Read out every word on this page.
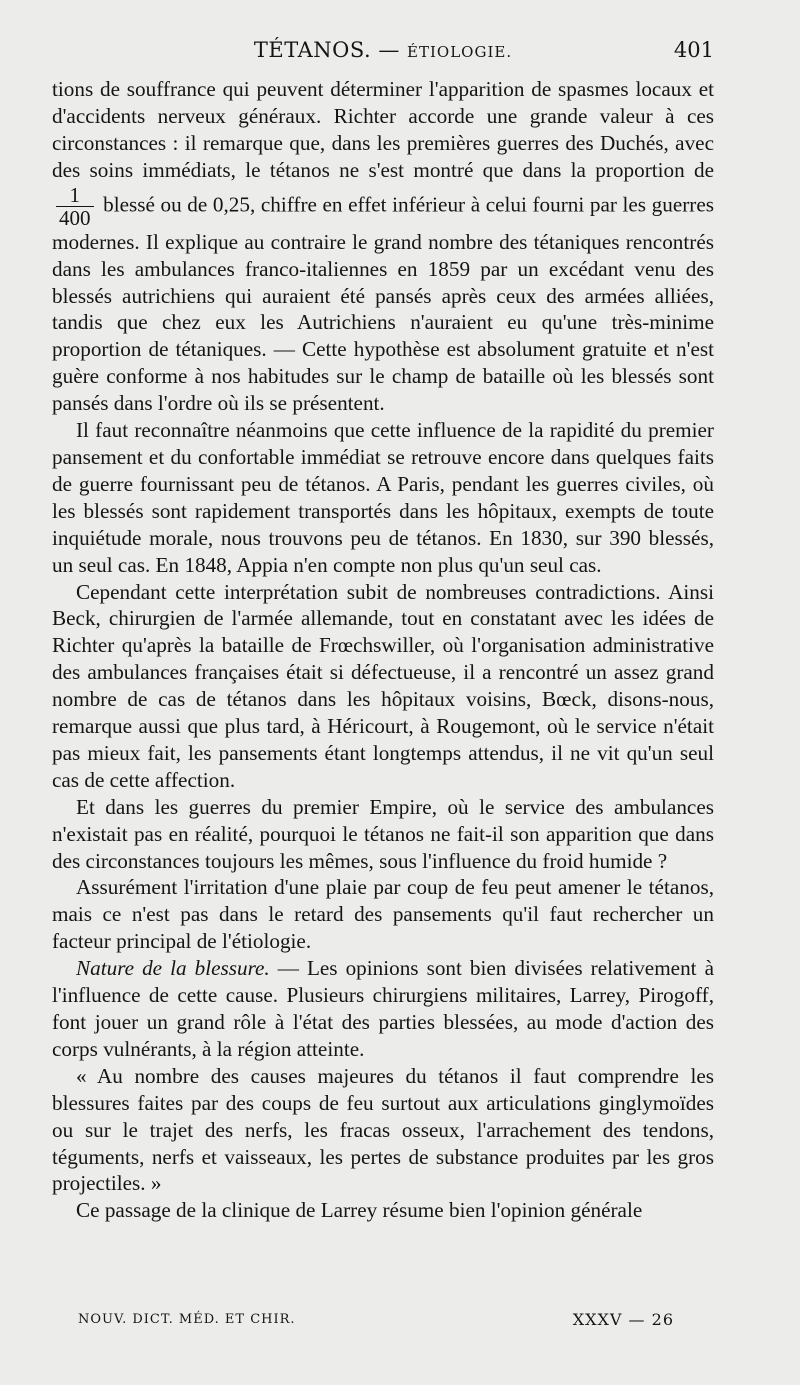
TÉTANOS. — ÉTIOLOGIE.	401

tions de souffrance qui peuvent déterminer l'apparition de spasmes locaux et d'accidents nerveux généraux. Richter accorde une grande valeur à ces circonstances : il remarque que, dans les premières guerres des Duchés, avec des soins immédiats, le tétanos ne s'est montré que dans la proportion de
$\frac{1}{400}$ blessé ou de 0,25, chiffre en effet inférieur à celui fourni par les guerres modernes. Il explique au contraire le grand nombre des tétaniques rencontrés dans les ambulances franco-italiennes en 1859 par un excédant venu des blessés autrichiens qui auraient été pansés après ceux des armées alliées, tandis que chez eux les Autrichiens n'auraient eu qu'une très-minime proportion de tétaniques. — Cette hypothèse est absolument gratuite et n'est guère conforme à nos habitudes sur le champ de bataille où les blessés sont pansés dans l'ordre où ils se présentent.

Il faut reconnaître néanmoins que cette influence de la rapidité du premier pansement et du confortable immédiat se retrouve encore dans quelques faits de guerre fournissant peu de tétanos. A Paris, pendant les guerres civiles, où les blessés sont rapidement transportés dans les hôpitaux, exempts de toute inquiétude morale, nous trouvons peu de tétanos. En 1830, sur 390 blessés, un seul cas. En 1848, Appia n'en compte non plus qu'un seul cas.

Cependant cette interprétation subit de nombreuses contradictions. Ainsi Beck, chirurgien de l'armée allemande, tout en constatant avec les idées de Richter qu'après la bataille de Frœchswiller, où l'organisation administrative des ambulances françaises était si défectueuse, il a rencontré un assez grand nombre de cas de tétanos dans les hôpitaux voisins, Bœck, disons-nous, remarque aussi que plus tard, à Héricourt, à Rougemont, où le service n'était pas mieux fait, les pansements étant longtemps attendus, il ne vit qu'un seul cas de cette affection.

Et dans les guerres du premier Empire, où le service des ambulances n'existait pas en réalité, pourquoi le tétanos ne fait-il son apparition que dans des circonstances toujours les mêmes, sous l'influence du froid humide ?

Assurément l'irritation d'une plaie par coup de feu peut amener le tétanos, mais ce n'est pas dans le retard des pansements qu'il faut rechercher un facteur principal de l'étiologie.

Nature de la blessure. — Les opinions sont bien divisées relativement à l'influence de cette cause. Plusieurs chirurgiens militaires, Larrey, Pirogoff, font jouer un grand rôle à l'état des parties blessées, au mode d'action des corps vulnérants, à la région atteinte.

« Au nombre des causes majeures du tétanos il faut comprendre les blessures faites par des coups de feu surtout aux articulations ginglymoïdes ou sur le trajet des nerfs, les fracas osseux, l'arrachement des tendons, téguments, nerfs et vaisseaux, les pertes de substance produites par les gros projectiles. »

Ce passage de la clinique de Larrey résume bien l'opinion générale

NOUV. DICT. MÉD. ET CHIR.	XXXV — 26
